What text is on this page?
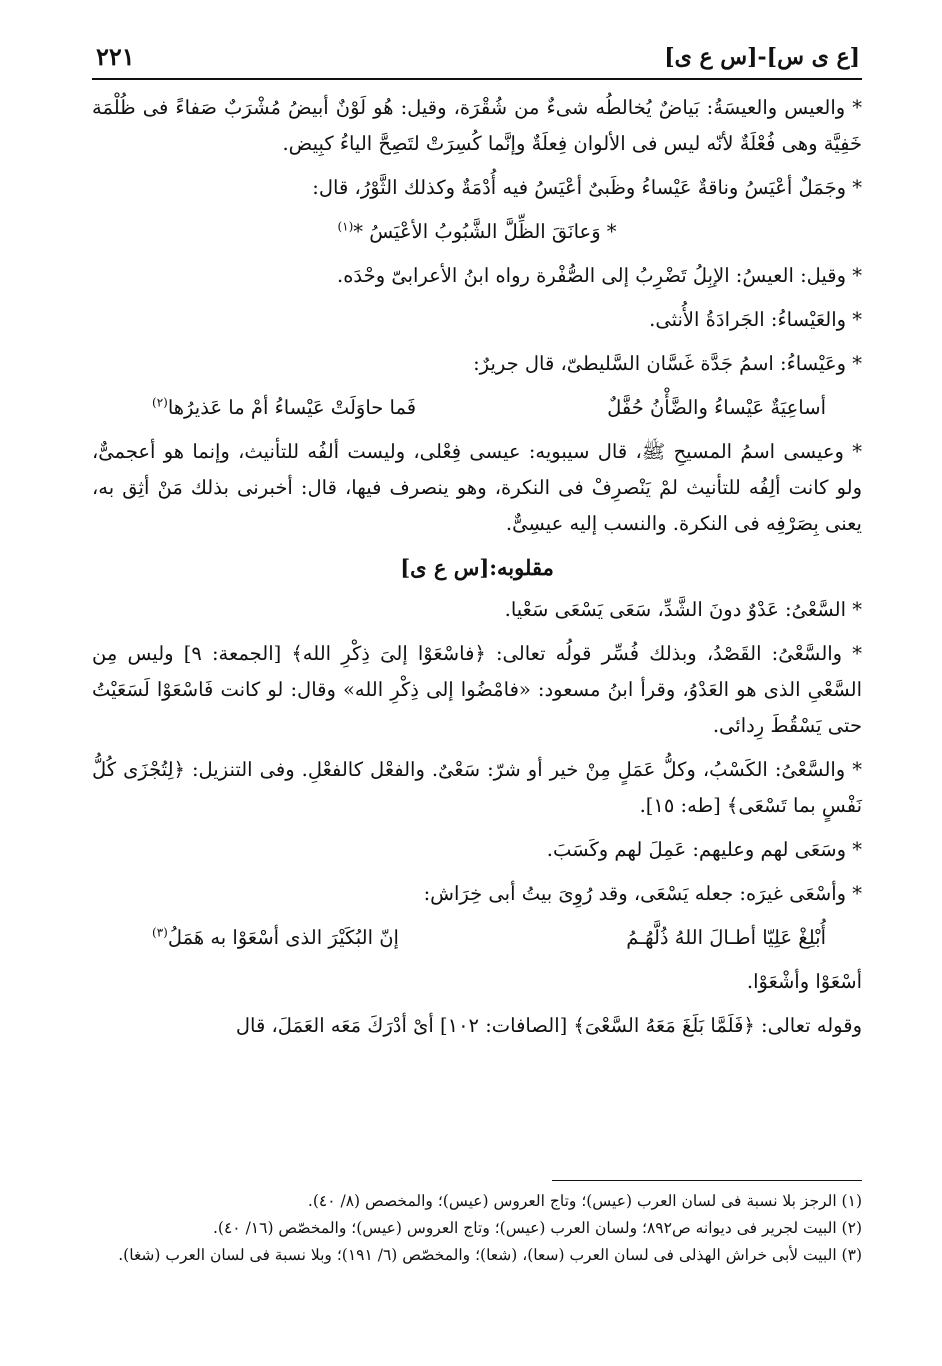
[ع ى س]-[س ع ى]
٢٢١

* والعيس والعيسَةُ: بَياضٌ يُخالطُه شىءٌ من شُقْرَة، وقيل: هُو لَوْنٌ أبيضُ مُشْرَبٌ صَفاءً فى ظُلْمَة خَفِيَّة وهى فُعْلَةٌ لأنّه ليس فى الألوان فِعلَةٌ وإنَّما كُسِرَتْ لتَصِحَّ الياءُ كبِيض.

* وجَمَلٌ أعْيَسُ وناقةٌ عَيْساءُ وظَبىٌ أعْيَسُ فيه أُدْمَةٌ وكذلك الثَّوْرُ، قال:

* وَعانَقَ الظِّلَّ الشَّبُوبُ الأعْيَسُ *$^{(١)}$

* وقيل: العيسُ: الإبِلُ تَضْرِبُ إلى الصُّفْرة رواه ابنُ الأعرابىّ وحْدَه.

* والعَيْساءُ: الجَرادَةُ الأُنثى.

* وعَيْساءُ: اسمُ جَدَّة غَسَّان السَّليطىّ، قال جريرٌ:

أساعِيَةٌ عَيْساءُ والضَّأْنُ حُفَّلٌ
فَما حاوَلَتْ عَيْساءُ أمْ ما عَذيرُها$^{(٢)}$

* وعيسى اسمُ المسيحِ ﷺ، قال سيبويه: عيسى فِعْلى، وليست ألفُه للتأنيث، وإنما هو أعجمىٌّ، ولو كانت ألِفُه للتأنيث لمْ يَنْصرِفْ فى النكرة، وهو ينصرف فيها، قال: أخبرنى بذلك مَنْ أثِق به، يعنى بِصَرْفِه فى النكرة. والنسب إليه عيسِىٌّ.

مقلوبه:[س ع ى]

* السَّعْىُ: عَدْوٌ دونَ الشَّدِّ، سَعَى يَسْعَى سَعْيا.

* والسَّعْىُ: القَصْدُ، وبذلك فُسِّر قولُه تعالى: ﴿فاسْعَوْا إلىَ ذِكْرِ الله﴾ [الجمعة: ٩] وليس مِن السَّعْىِ الذى هو العَدْوُ، وقرأ ابنُ مسعود: «فامْضُوا إلى ذِكْرِ الله» وقال: لو كانت فَاسْعَوْا لَسَعَيْتُ حتى يَسْقُطَ رِدائى.

* والسَّعْىُ: الكَسْبُ، وكلُّ عَمَلٍ مِنْ خير أو شرّ: سَعْىٌ. والفعْل كالفعْلِ. وفى التنزيل: ﴿لِتُجْزَى كُلُّ نَفْسٍ بما تَسْعَى﴾ [طه: ١٥].

* وسَعَى لهم وعليهم: عَمِلَ لهم وكَسَبَ.

* وأسْعَى غيرَه: جعله يَسْعَى، وقد رُوِىَ بيتُ أبى خِرَاش:

أُبْلِغْ عَلِيّا أطـالَ اللهُ ذُلَّهُـمُ
إنّ البُكَيْرَ الذى أسْعَوْا به هَمَلُ$^{(٣)}$

أسْعَوْا وأشْعَوْا.

وقوله تعالى: ﴿فَلَمَّا بَلَغَ مَعَهُ السَّعْىَ﴾ [الصافات: ١٠٢] أىْ أدْرَكَ مَعَه العَمَلَ، قال

(١) الرجز بلا نسبة فى لسان العرب (عيس)؛ وتاج العروس (عيس)؛ والمخصص (٨/ ٤٠).

(٢) البيت لجرير فى ديوانه ص٨٩٢؛ ولسان العرب (عيس)؛ وتاج العروس (عيس)؛ والمخصّص (١٦/ ٤٠).

(٣) البيت لأبى خراش الهذلى فى لسان العرب (سعا)، (شعا)؛ والمخصّص (٦/ ١٩١)؛ وبلا نسبة فى لسان العرب (شغا).
